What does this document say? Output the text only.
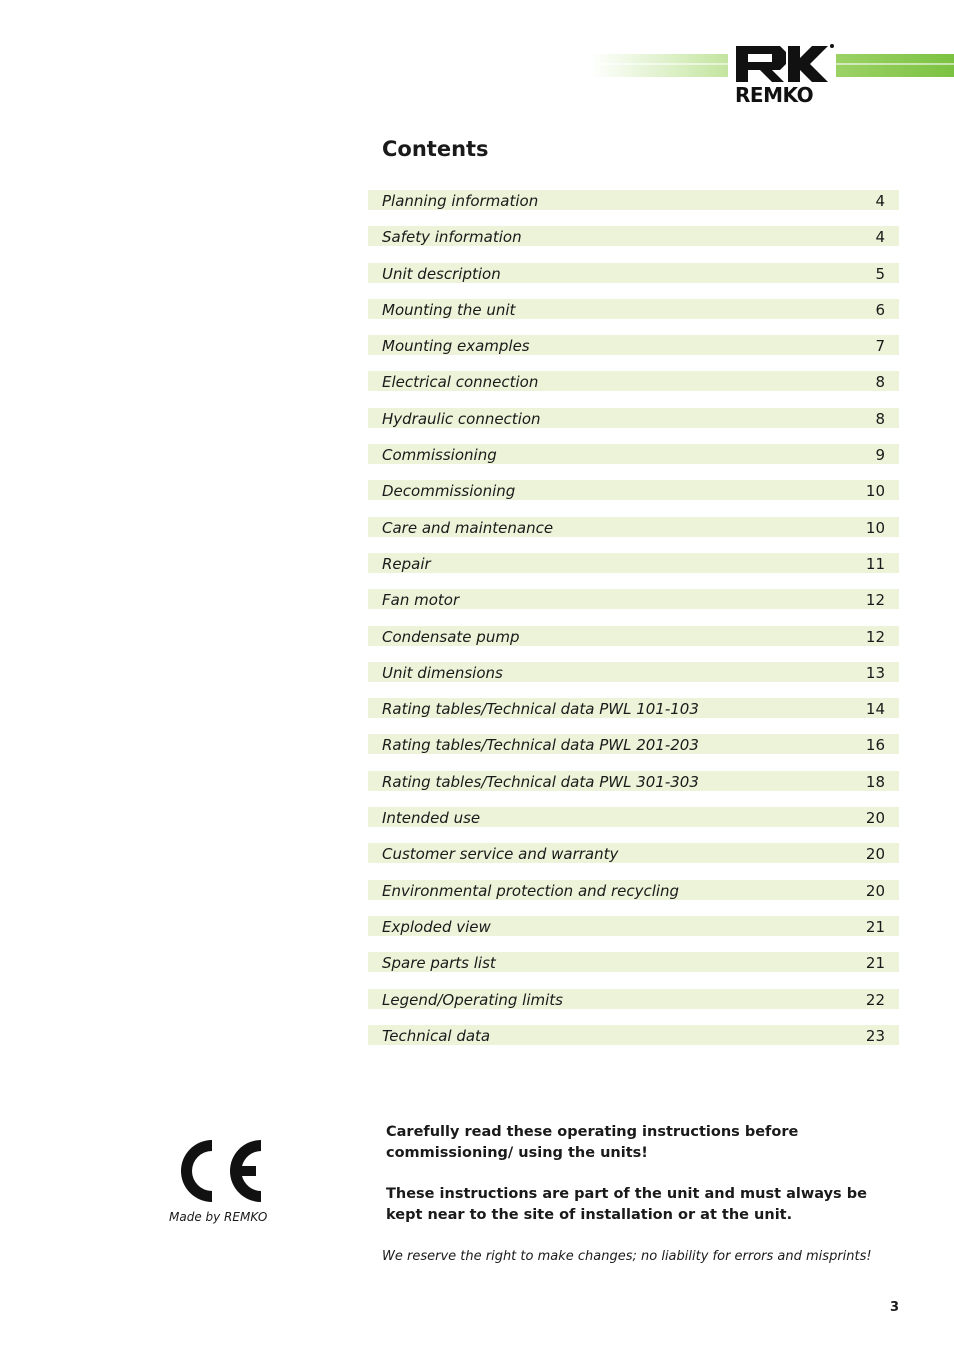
REMKO
Contents
Planning information	4
Safety information	4
Unit description	5
Mounting the unit	6
Mounting examples	7
Electrical connection	8
Hydraulic connection	8
Commissioning	9
Decommissioning	10
Care and maintenance	10
Repair	11
Fan motor	12
Condensate pump	12
Unit dimensions	13
Rating tables/Technical data PWL 101-103	14
Rating tables/Technical data PWL 201-203	16
Rating tables/Technical data PWL 301-303	18
Intended use	20
Customer service and warranty	20
Environmental protection and recycling	20
Exploded view	21
Spare parts list	21
Legend/Operating limits	22
Technical data	23
Made by REMKO

Carefully read these operating instructions before commissioning/ using the units!

These instructions are part of the unit and must always be kept near to the site of installation or at the unit.

We reserve the right to make changes; no liability for errors and misprints!

3
